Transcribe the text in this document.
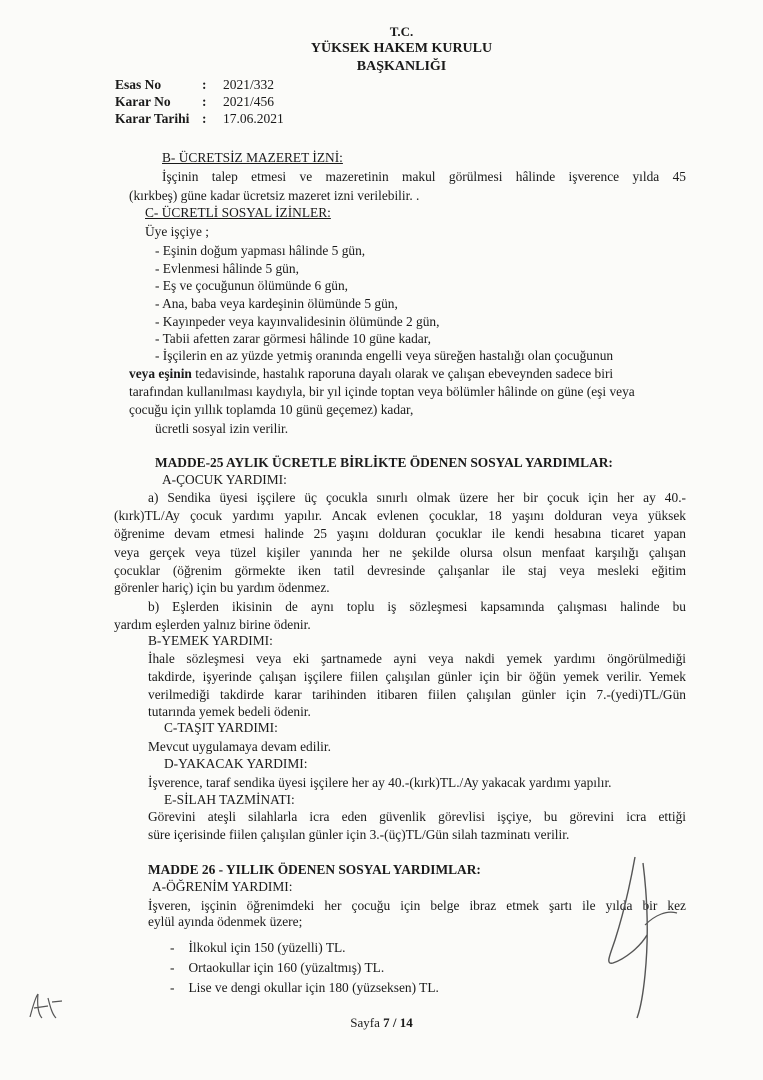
T.C.
YÜKSEK HAKEM KURULU
BAŞKANLIĞI
Esas No	:	2021/332
Karar No	:	2021/456
Karar Tarihi :	17.06.2021
B- ÜCRETSİZ MAZERET İZNİ:
İşçinin talep etmesi ve mazeretinin makul görülmesi hâlinde işverence yılda 45
(kırkbeş) güne kadar ücretsiz mazeret izni verilebilir. .
C- ÜCRETLİ SOSYAL İZİNLER:
Üye işçiye ;
- Eşinin doğum yapması hâlinde 5 gün,
- Evlenmesi hâlinde 5 gün,
- Eş ve çocuğunun ölümünde 6 gün,
- Ana, baba veya kardeşinin ölümünde 5 gün,
- Kayınpeder veya kayınvalidesinin ölümünde 2 gün,
- Tabii afetten zarar görmesi hâlinde 10 güne kadar,
- İşçilerin en az yüzde yetmiş oranında engelli veya süreğen hastalığı olan çocuğunun
veya eşinin tedavisinde, hastalık raporuna dayalı olarak ve çalışan ebeveynden sadece biri
tarafından kullanılması kaydıyla, bir yıl içinde toptan veya bölümler hâlinde on güne (eşi veya
çocuğu için yıllık toplamda 10 günü geçemez) kadar,
ücretli sosyal izin verilir.
MADDE-25 AYLIK ÜCRETLE BİRLİKTE ÖDENEN SOSYAL YARDIMLAR:
A-ÇOCUK YARDIMI:
a) Sendika üyesi işçilere üç çocukla sınırlı olmak üzere her bir çocuk için her ay 40.-
(kırk)TL/Ay çocuk yardımı yapılır. Ancak evlenen çocuklar, 18 yaşını dolduran veya yüksek
öğrenime devam etmesi halinde 25 yaşını dolduran çocuklar ile kendi hesabına ticaret yapan
veya gerçek veya tüzel kişiler yanında her ne şekilde olursa olsun menfaat karşılığı çalışan
çocuklar (öğrenim görmekte iken tatil devresinde çalışanlar ile staj veya mesleki eğitim
görenler hariç) için bu yardım ödenmez.
b) Eşlerden ikisinin de aynı toplu iş sözleşmesi kapsamında çalışması halinde bu
yardım eşlerden yalnız birine ödenir.
B-YEMEK YARDIMI:
İhale sözleşmesi veya eki şartnamede ayni veya nakdi yemek yardımı öngörülmediği
takdirde, işyerinde çalışan işçilere fiilen çalışılan günler için bir öğün yemek verilir. Yemek
verilmediği takdirde karar tarihinden itibaren fiilen çalışılan günler için 7.-(yedi)TL/Gün
tutarında yemek bedeli ödenir.
C-TAŞIT YARDIMI:
Mevcut uygulamaya devam edilir.
D-YAKACAK YARDIMI:
İşverence, taraf sendika üyesi işçilere her ay 40.-(kırk)TL./Ay yakacak yardımı yapılır.
E-SİLAH TAZMİNATI:
Görevini ateşli silahlarla icra eden güvenlik görevlisi işçiye, bu görevini icra ettiği
süre içerisinde fiilen çalışılan günler için 3.-(üç)TL/Gün silah tazminatı verilir.
MADDE 26 - YILLIK ÖDENEN SOSYAL YARDIMLAR:
A-ÖĞRENİM YARDIMI:
İşveren, işçinin öğrenimdeki her çocuğu için belge ibraz etmek şartı ile yılda bir kez
eylül ayında ödenmek üzere;
- İlkokul için 150 (yüzelli) TL.
- Ortaokullar için 160 (yüzaltmış) TL.
- Lise ve dengi okullar için 180 (yüzseksen) TL.
Sayfa 7 / 14
